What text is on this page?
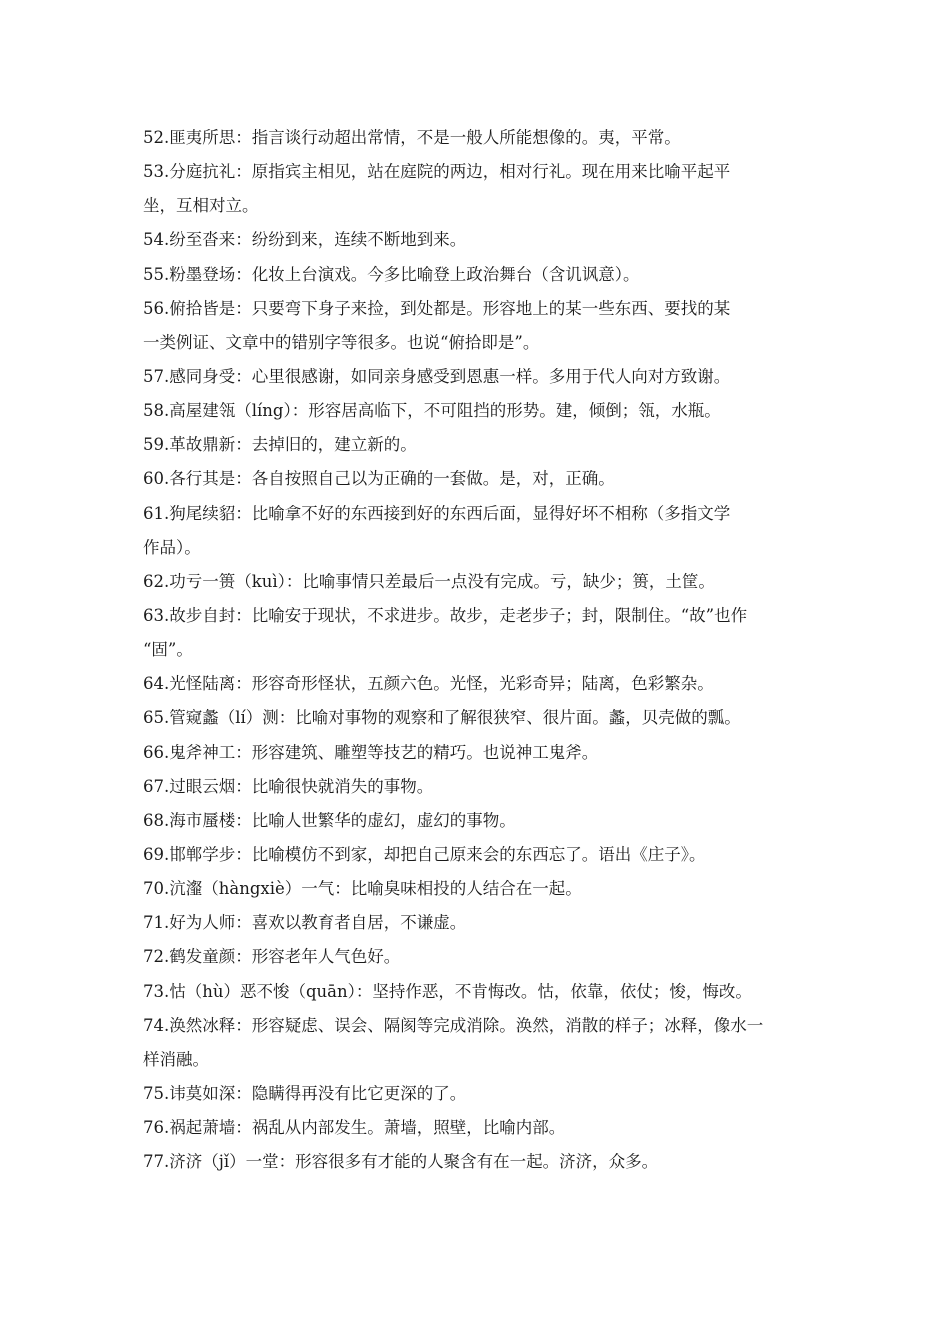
52.匪夷所思：指言谈行动超出常情，不是一般人所能想像的。夷，平常。
53.分庭抗礼：原指宾主相见，站在庭院的两边，相对行礼。现在用来比喻平起平
坐，互相对立。
54.纷至沓来：纷纷到来，连续不断地到来。
55.粉墨登场：化妆上台演戏。今多比喻登上政治舞台（含讥讽意）。
56.俯拾皆是：只要弯下身子来捡，到处都是。形容地上的某一些东西、要找的某
一类例证、文章中的错别字等很多。也说“俯拾即是”。
57.感同身受：心里很感谢，如同亲身感受到恩惠一样。多用于代人向对方致谢。
58.高屋建瓴（líng）：形容居高临下，不可阻挡的形势。建，倾倒；瓴，水瓶。
59.革故鼎新：去掉旧的，建立新的。
60.各行其是：各自按照自己以为正确的一套做。是，对，正确。
61.狗尾续貂：比喻拿不好的东西接到好的东西后面，显得好坏不相称（多指文学
作品）。
62.功亏一篑（kuì）：比喻事情只差最后一点没有完成。亏，缺少；篑，土筐。
63.故步自封：比喻安于现状，不求进步。故步，走老步子；封，限制住。“故”也作
“固”。
64.光怪陆离：形容奇形怪状，五颜六色。光怪，光彩奇异；陆离，色彩繁杂。
65.管窥蠡（lí）测：比喻对事物的观察和了解很狭窄、很片面。蠡，贝壳做的瓢。
66.鬼斧神工：形容建筑、雕塑等技艺的精巧。也说神工鬼斧。
67.过眼云烟：比喻很快就消失的事物。
68.海市蜃楼：比喻人世繁华的虚幻，虚幻的事物。
69.邯郸学步：比喻模仿不到家，却把自己原来会的东西忘了。语出《庄子》。
70.沆瀣（hàngxiè）一气：比喻臭味相投的人结合在一起。
71.好为人师：喜欢以教育者自居，不谦虚。
72.鹤发童颜：形容老年人气色好。
73.怙（hù）恶不悛（quān）：坚持作恶，不肯悔改。怙，依靠，依仗；悛，悔改。
74.涣然冰释：形容疑虑、误会、隔阂等完成消除。涣然，消散的样子；冰释，像水一
样消融。
75.讳莫如深：隐瞒得再没有比它更深的了。
76.祸起萧墙：祸乱从内部发生。萧墙，照壁，比喻内部。
77.济济（jǐ）一堂：形容很多有才能的人聚含有在一起。济济，众多。
